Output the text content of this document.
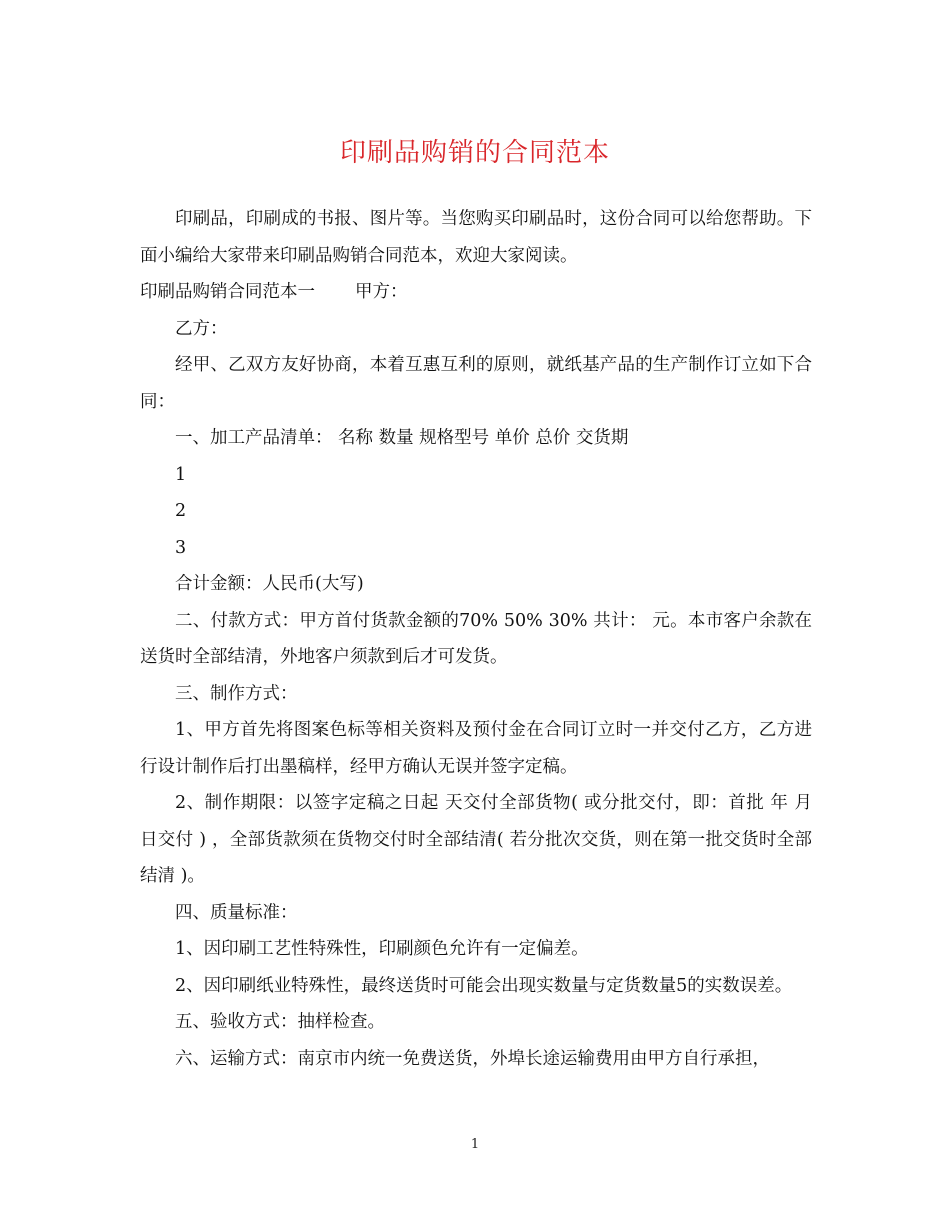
印刷品购销的合同范本

印刷品，印刷成的书报、图片等。当您购买印刷品时，这份合同可以给您帮助。下面小编给大家带来印刷品购销合同范本，欢迎大家阅读。

印刷品购销合同范本一 甲方：

乙方：

经甲、乙双方友好协商，本着互惠互利的原则，就纸基产品的生产制作订立如下合同：

一、加工产品清单： 名称 数量 规格型号 单价 总价 交货期

1

2

3

合计金额：人民币(大写)

二、付款方式：甲方首付货款金额的70% 50% 30% 共计： 元。本市客户余款在送货时全部结清，外地客户须款到后才可发货。

三、制作方式：

1、甲方首先将图案色标等相关资料及预付金在合同订立时一并交付乙方，乙方进行设计制作后打出墨稿样，经甲方确认无误并签字定稿。

2、制作期限：以签字定稿之日起 天交付全部货物( 或分批交付，即：首批 年 月 日交付 ) ，全部货款须在货物交付时全部结清( 若分批次交货，则在第一批交货时全部结清 )。

四、质量标准：

1、因印刷工艺性特殊性，印刷颜色允许有一定偏差。

2、因印刷纸业特殊性，最终送货时可能会出现实数量与定货数量5的实数误差。

五、验收方式：抽样检查。

六、运输方式：南京市内统一免费送货，外埠长途运输费用由甲方自行承担，

1
